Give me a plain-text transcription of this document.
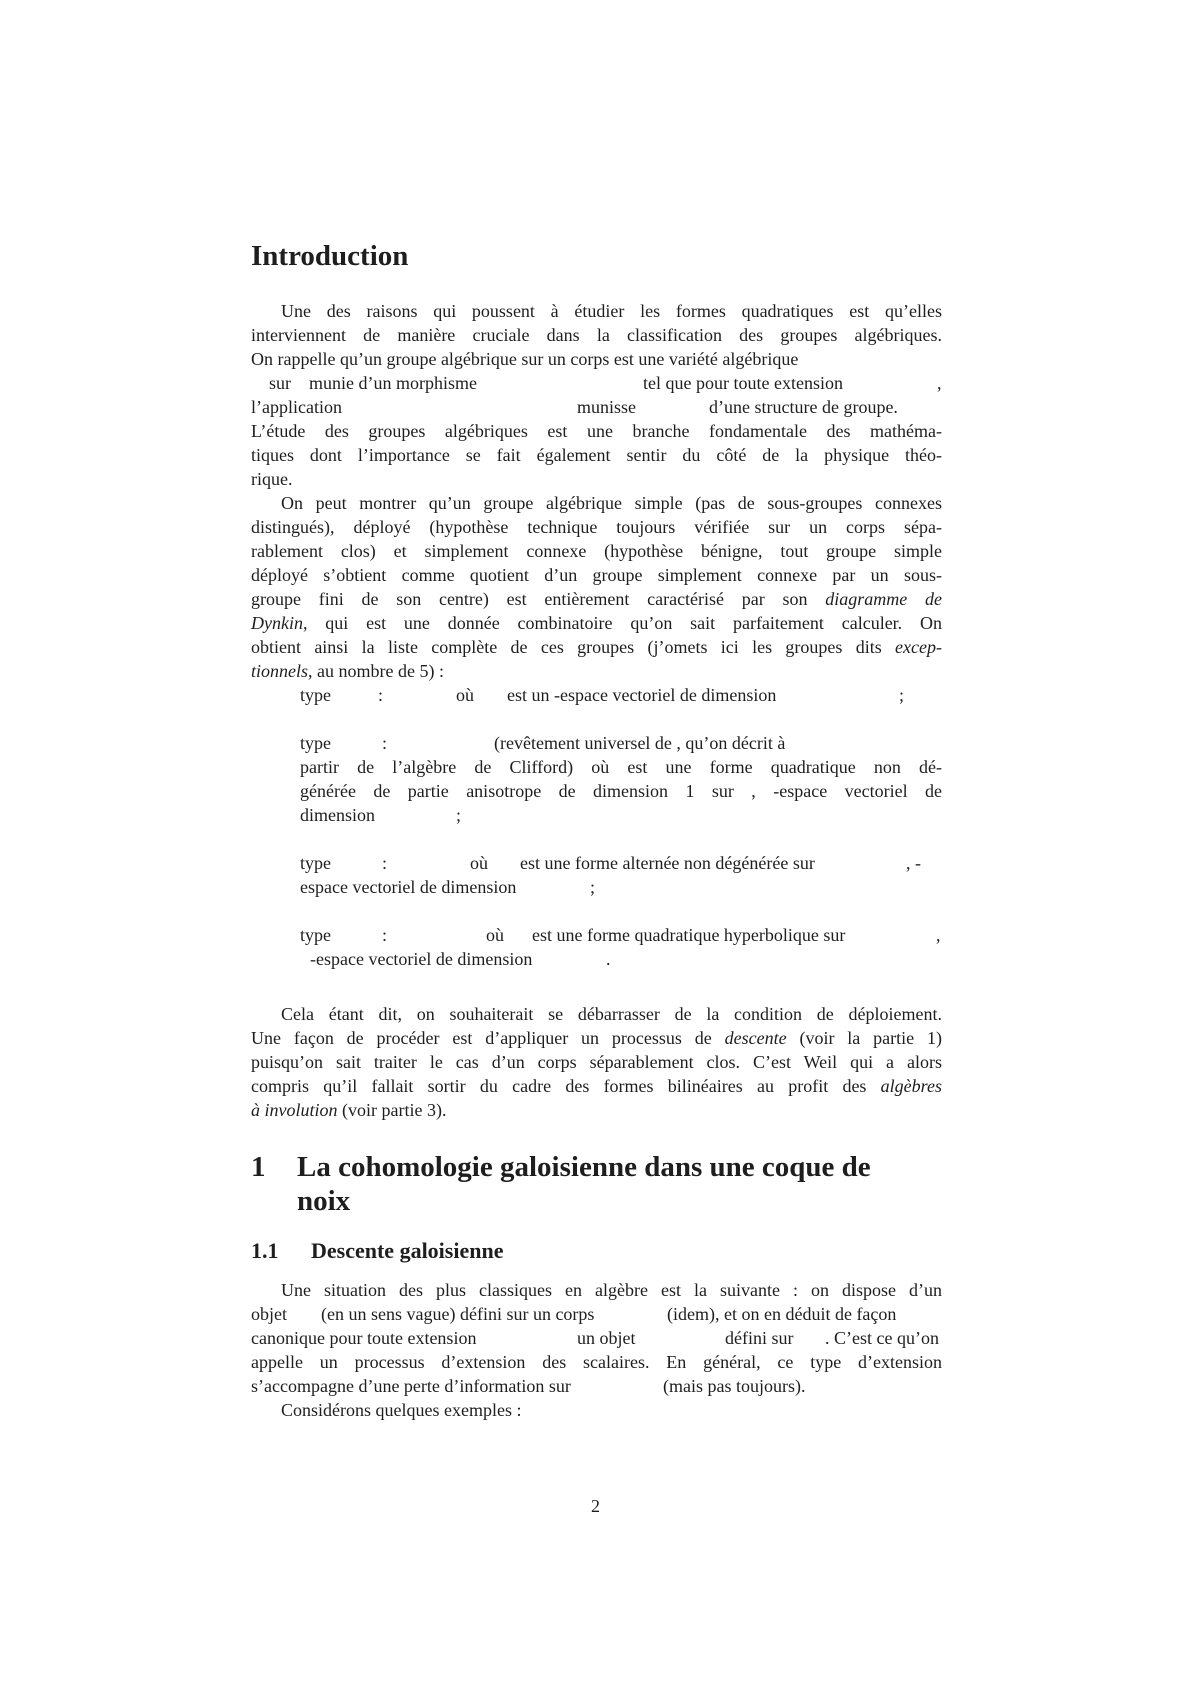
Introduction
Une des raisons qui poussent à étudier les formes quadratiques est qu’elles
interviennent de manière cruciale dans la classification des groupes algébriques.
On rappelle qu’un groupe algébrique sur un corps est une variété algébrique
sur munie d’un morphisme	tel que pour toute extension	,
l’application	munisse	d’une structure de groupe.
L’étude des groupes algébriques est une branche fondamentale des mathéma-
tiques dont l’importance se fait également sentir du côté de la physique théo-
rique.
On peut montrer qu’un groupe algébrique simple (pas de sous-groupes connexes
distingués), déployé (hypothèse technique toujours vérifiée sur un corps sépa-
rablement clos) et simplement connexe (hypothèse bénigne, tout groupe simple
déployé s’obtient comme quotient d’un groupe simplement connexe par un sous-
groupe fini de son centre) est entièrement caractérisé par son diagramme de
Dynkin, qui est une donnée combinatoire qu’on sait parfaitement calculer. On
obtient ainsi la liste complète de ces groupes (j’omets ici les groupes dits excep-
tionnels, au nombre de 5) :
type	:	où est un -espace vectoriel de dimension	;
type	:	(revêtement universel de , qu’on décrit à
partir de l’algèbre de Clifford) où est une forme quadratique non dé-
générée de partie anisotrope de dimension 1 sur , -espace vectoriel de
dimension	;
type	:	où est une forme alternée non dégénérée sur	, -
espace vectoriel de dimension	;
type	:	où est une forme quadratique hyperbolique sur	,
-espace vectoriel de dimension	.
Cela étant dit, on souhaiterait se débarrasser de la condition de déploiement.
Une façon de procéder est d’appliquer un processus de descente (voir la partie 1)
puisqu’on sait traiter le cas d’un corps séparablement clos. C’est Weil qui a alors
compris qu’il fallait sortir du cadre des formes bilinéaires au profit des algèbres
à involution (voir partie 3).
1 La cohomologie galoisienne dans une coque de
noix
1.1 Descente galoisienne
Une situation des plus classiques en algèbre est la suivante : on dispose d’un
objet (en un sens vague) défini sur un corps	(idem), et on en déduit de façon
canonique pour toute extension	un objet	défini sur . C’est ce qu’on
appelle un processus d’extension des scalaires. En général, ce type d’extension
s’accompagne d’une perte d’information sur	(mais pas toujours).
Considérons quelques exemples :
2
